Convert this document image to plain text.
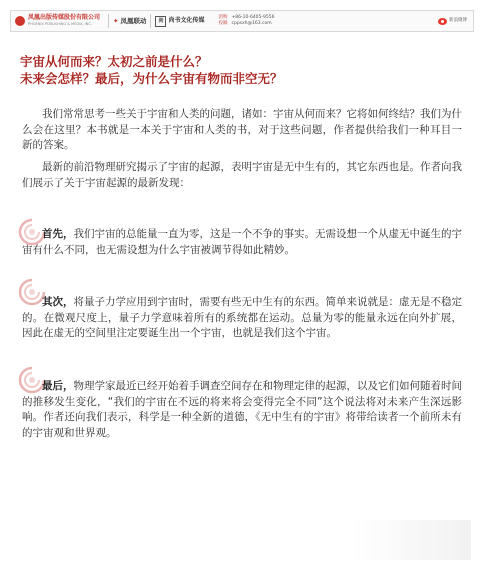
凤凰出版传媒股份有限公司
PHOENIX PUBLISHING & MEDIA, INC.	✦ 凤凰联动	尚 尚书文化传媒	团购 +86-10-6405-9556
投稿 cppsxh@163.com
新浪微博
宇宙从何而来？太初之前是什么？
未来会怎样？最后，为什么宇宙有物而非空无？
我们常常思考一些关于宇宙和人类的问题，诸如：宇宙从何而来？它将如何终结？我们为什么会在这里？本书就是一本关于宇宙和人类的书，对于这些问题，作者提供给我们一种耳目一新的答案。
最新的前沿物理研究揭示了宇宙的起源，表明宇宙是无中生有的，其它东西也是。作者向我们展示了关于宇宙起源的最新发现：
首先，我们宇宙的总能量一直为零，这是一个不争的事实。无需设想一个从虚无中诞生的宇宙有什么不同，也无需设想为什么宇宙被调节得如此精妙。
其次，将量子力学应用到宇宙时，需要有些无中生有的东西。简单来说就是：虚无是不稳定的。在微观尺度上，量子力学意味着所有的系统都在运动。总量为零的能量永远在向外扩展，因此在虚无的空间里注定要诞生出一个宇宙，也就是我们这个宇宙。
最后，物理学家最近已经开始着手调查空间存在和物理定律的起源，以及它们如何随着时间的推移发生变化，“我们的宇宙在不远的将来将会变得完全不同”这个说法将对未来产生深远影响。作者还向我们表示，科学是一种全新的道德，《无中生有的宇宙》将带给读者一个前所未有的宇宙观和世界观。
